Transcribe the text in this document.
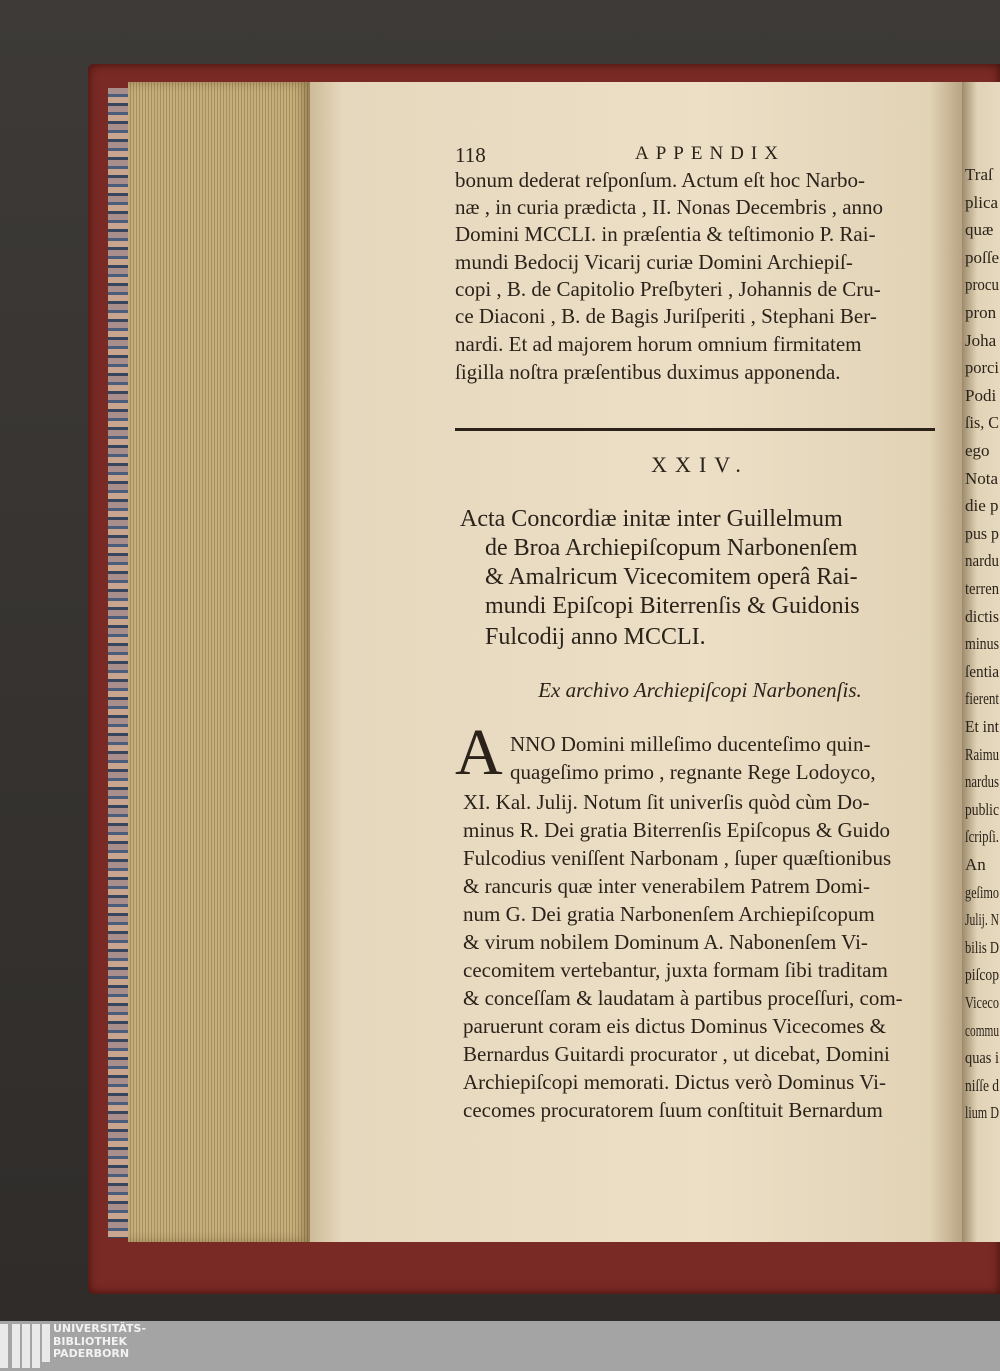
118	APPENDIX
bonum dederat reſponſum. Actum eſt hoc Narbo-
næ , in curia prædicta , II. Nonas Decembris , anno
Domini MCCLI. in præſentia & teſtimonio P. Rai-
mundi Bedocij Vicarij curiæ Domini Archiepiſ-
copi , B. de Capitolio Preſbyteri , Johannis de Cru-
ce Diaconi , B. de Bagis Juriſperiti , Stephani Ber-
nardi. Et ad majorem horum omnium firmitatem
ſigilla noſtra præſentibus duximus apponenda.
XXIV.
Acta Concordiæ initæ inter Guillelmum
de Broa Archiepiſcopum Narbonenſem
& Amalricum Vicecomitem operâ Rai-
mundi Epiſcopi Biterrenſis & Guidonis
Fulcodij anno MCCLI.
Ex archivo Archiepiſcopi Narbonenſis.
A NNO Domini milleſimo ducenteſimo quin-
quageſimo primo , regnante Rege Lodoyco,
XI. Kal. Julij. Notum ſit univerſis quòd cùm Do-
minus R. Dei gratia Biterrenſis Epiſcopus & Guido
Fulcodius veniſſent Narbonam , ſuper quæſtionibus
& rancuris quæ inter venerabilem Patrem Domi-
num G. Dei gratia Narbonenſem Archiepiſcopum
& virum nobilem Dominum A. Nabonenſem Vi-
cecomitem vertebantur, juxta formam ſibi traditam
& conceſſam & laudatam à partibus proceſſuri, com-
paruerunt coram eis dictus Dominus Vicecomes &
Bernardus Guitardi procurator , ut dicebat, Domini
Archiepiſcopi memorati. Dictus verò Dominus Vi-
cecomes procuratorem ſuum conſtituit Bernardum
Traſ
plica
quæ
poſſe
procu
pron
Joha
porci
Podi
ſis, C
ego
Nota
die p
pus p
nardu
terren
dictis
minus
ſentia
fierent
Et int
Raimu
nardus
public
ſcripſi.
An
geſimo
Julij. N
bilis D
piſcop
Viceco
commu
quas i
niſſe d
lium D
UNIVERSITÄTS-
BIBLIOTHEK
PADERBORN
